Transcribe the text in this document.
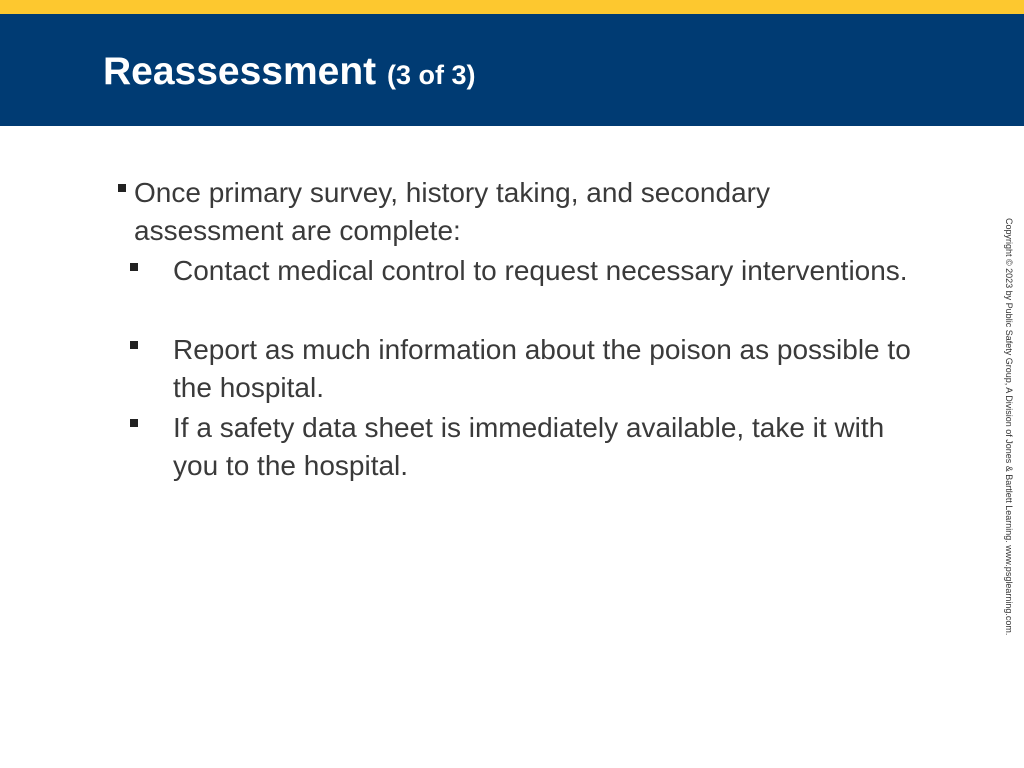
Reassessment (3 of 3)
Once primary survey, history taking, and secondary assessment are complete:
Contact medical control to request necessary interventions.
Report as much information about the poison as possible to the hospital.
If a safety data sheet is immediately available, take it with you to the hospital.	Copyright © 2023 by Public Safety Group, A Division of Jones & Bartlett Learning. www.psglearning.com.
